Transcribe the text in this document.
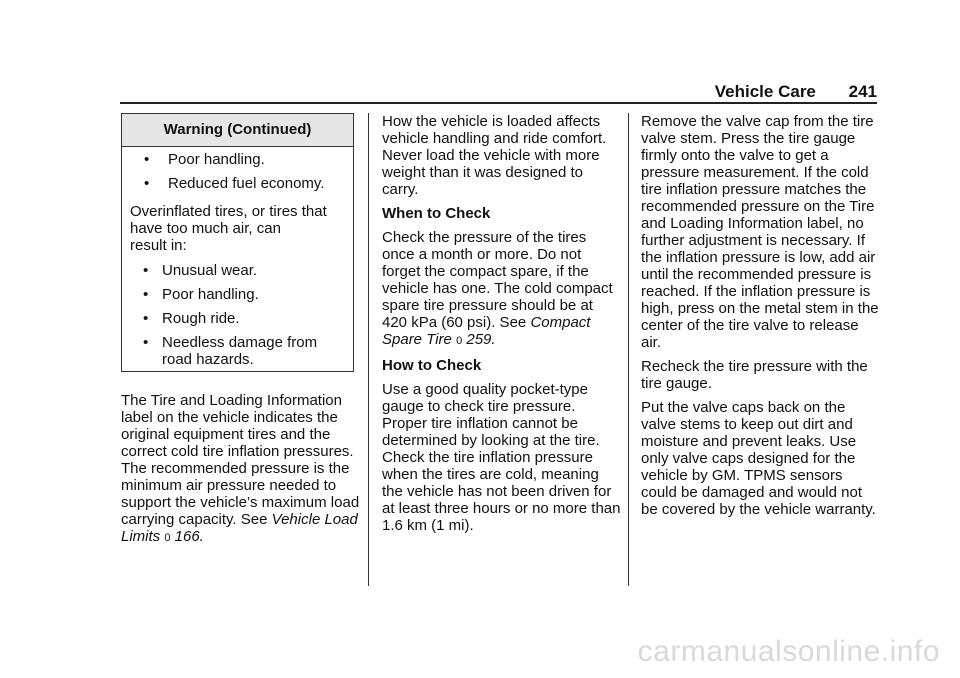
Vehicle Care 241
Warning (Continued)
• Poor handling.
• Reduced fuel economy.
Overinflated tires, or tires that
have too much air, can
result in:
• Unusual wear.
• Poor handling.
• Rough ride.
• Needless damage from road hazards.

The Tire and Loading Information label on the vehicle indicates the original equipment tires and the correct cold tire inflation pressures. The recommended pressure is the minimum air pressure needed to support the vehicle’s maximum load carrying capacity. See Vehicle Load Limits 0 166.

How the vehicle is loaded affects vehicle handling and ride comfort. Never load the vehicle with more weight than it was designed to carry.

When to Check

Check the pressure of the tires once a month or more. Do not forget the compact spare, if the vehicle has one. The cold compact spare tire pressure should be at 420 kPa (60 psi). See Compact Spare Tire 0 259.

How to Check

Use a good quality pocket-type gauge to check tire pressure. Proper tire inflation cannot be determined by looking at the tire. Check the tire inflation pressure when the tires are cold, meaning the vehicle has not been driven for at least three hours or no more than 1.6 km (1 mi).

Remove the valve cap from the tire valve stem. Press the tire gauge firmly onto the valve to get a pressure measurement. If the cold tire inflation pressure matches the recommended pressure on the Tire and Loading Information label, no further adjustment is necessary. If the inflation pressure is low, add air until the recommended pressure is reached. If the inflation pressure is high, press on the metal stem in the center of the tire valve to release air.

Recheck the tire pressure with the tire gauge.

Put the valve caps back on the valve stems to keep out dirt and moisture and prevent leaks. Use only valve caps designed for the vehicle by GM. TPMS sensors could be damaged and would not be covered by the vehicle warranty.

carmanualsonline.info
